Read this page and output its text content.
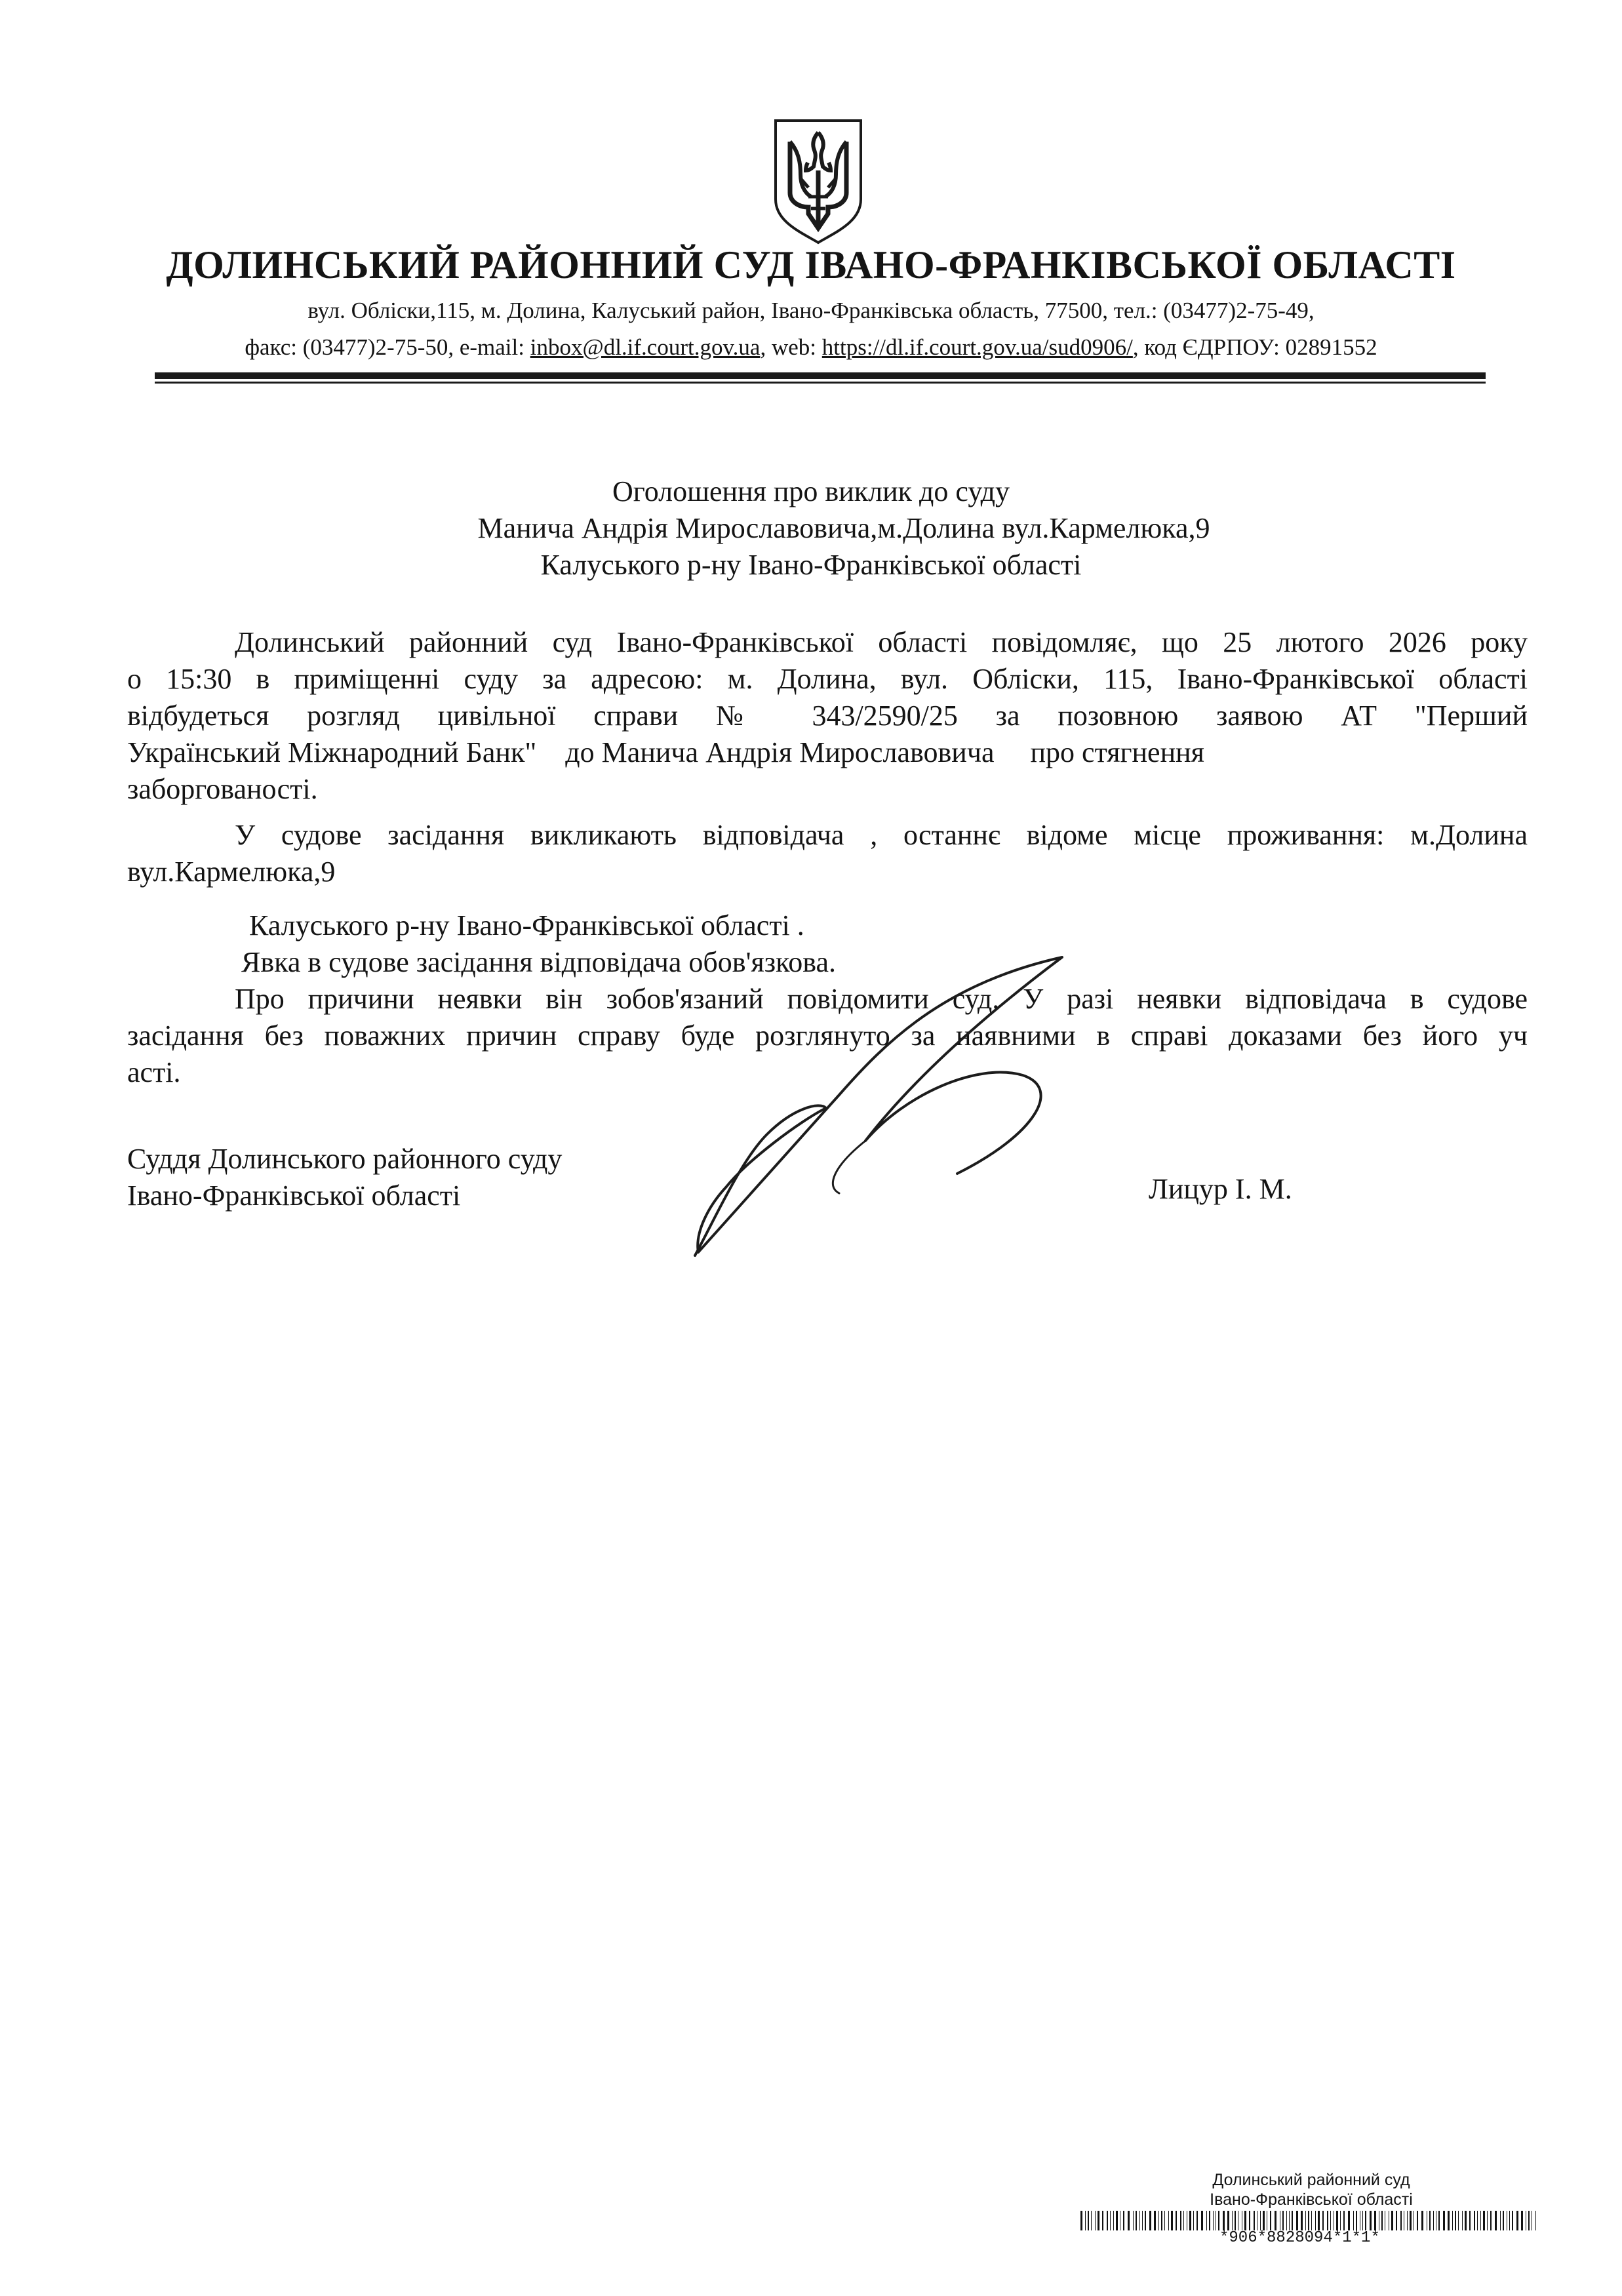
ДОЛИНСЬКИЙ РАЙОННИЙ СУД ІВАНО-ФРАНКІВСЬКОЇ ОБЛАСТІ
вул. Обліски,115, м. Долина, Калуський район, Івано-Франківська область, 77500, тел.: (03477)2-75-49,
факс: (03477)2-75-50, e-mail: inbox@dl.if.court.gov.ua, web: https://dl.if.court.gov.ua/sud0906/, код ЄДРПОУ: 02891552
Оголошення про виклик до суду
Манича Андрія Мирославовича,м.Долина вул.Кармелюка,9
Калуського р-ну Івано-Франківської області
Долинський районний суд Івано-Франківської області повідомляє, що 25 лютого 2026 року
о 15:30 в приміщенні суду за адресою: м. Долина, вул. Обліски, 115, Івано-Франківської області
відбудеться розгляд цивільної справи № 343/2590/25 за позовною заявою АТ "Перший
Український Міжнародний Банк"    до Манича Андрія Мирославовича     про стягнення
заборгованості.
У судове засідання викликають відповідача , останнє відоме місце проживання: м.Долина
вул.Кармелюка,9
Калуського р-ну Івано-Франківської області .
Явка в судове засідання відповідача обов'язкова.
Про причини неявки він зобов'язаний повідомити суд. У разі неявки відповідача в судове
засідання без поважних причин справу буде розглянуто за наявними в справі доказами без його уч
асті.
Суддя Долинського районного суду
Івано-Франківської області	Лицур І. М.
Долинський районний суд
Івано-Франківської області
*906*8828094*1*1*
